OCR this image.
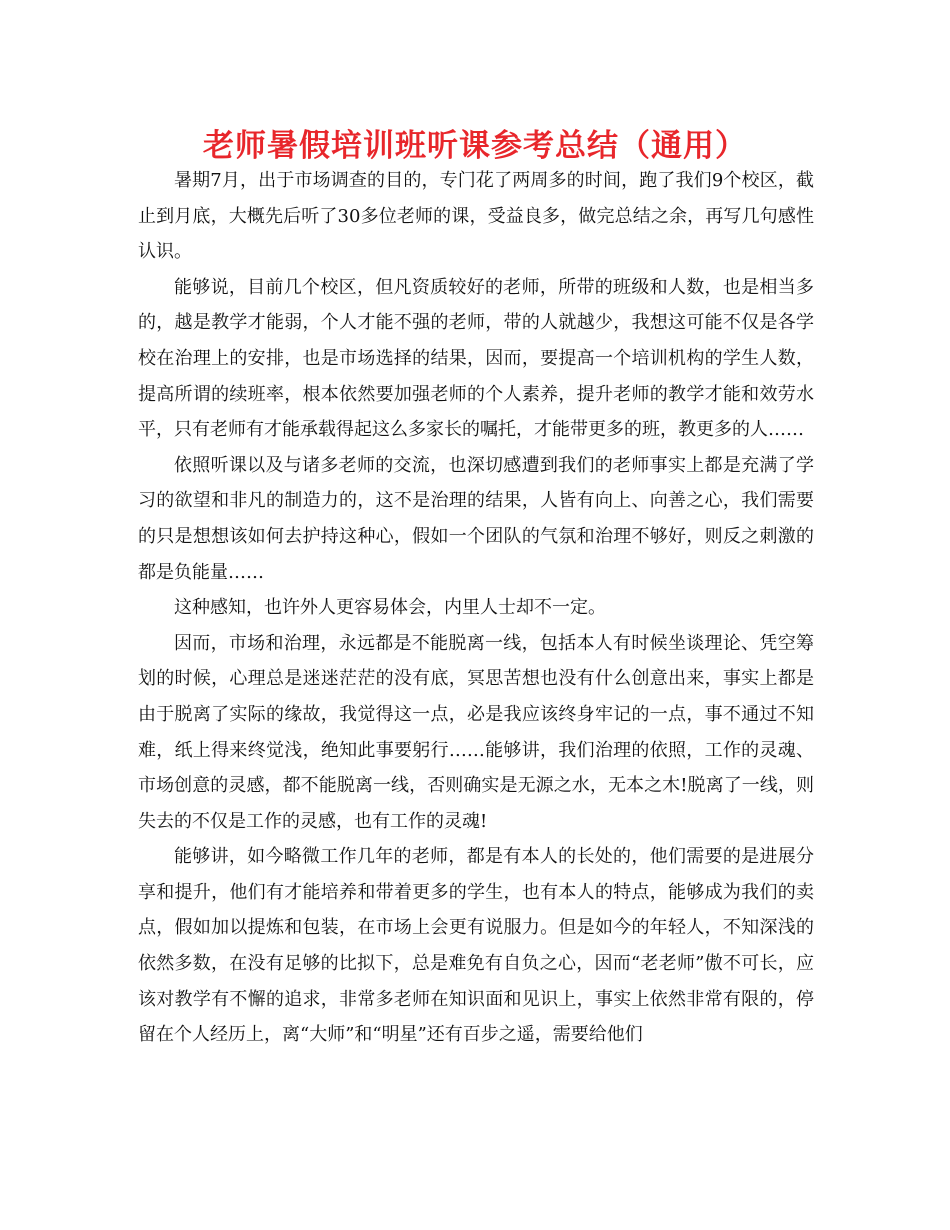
老师暑假培训班听课参考总结（通用）

暑期7月，出于市场调查的目的，专门花了两周多的时间，跑了我们9个校区，截止到月底，大概先后听了30多位老师的课，受益良多，做完总结之余，再写几句感性认识。

能够说，目前几个校区，但凡资质较好的老师，所带的班级和人数，也是相当多的，越是教学才能弱，个人才能不强的老师，带的人就越少，我想这可能不仅是各学校在治理上的安排，也是市场选择的结果，因而，要提高一个培训机构的学生人数，提高所谓的续班率，根本依然要加强老师的个人素养，提升老师的教学才能和效劳水平，只有老师有才能承载得起这么多家长的嘱托，才能带更多的班，教更多的人……

依照听课以及与诸多老师的交流，也深切感遭到我们的老师事实上都是充满了学习的欲望和非凡的制造力的，这不是治理的结果，人皆有向上、向善之心，我们需要的只是想想该如何去护持这种心，假如一个团队的气氛和治理不够好，则反之刺激的都是负能量……

这种感知，也许外人更容易体会，内里人士却不一定。

因而，市场和治理，永远都是不能脱离一线，包括本人有时候坐谈理论、凭空筹划的时候，心理总是迷迷茫茫的没有底，冥思苦想也没有什么创意出来，事实上都是由于脱离了实际的缘故，我觉得这一点，必是我应该终身牢记的一点，事不通过不知难，纸上得来终觉浅，绝知此事要躬行……能够讲，我们治理的依照，工作的灵魂、市场创意的灵感，都不能脱离一线，否则确实是无源之水，无本之木!脱离了一线，则失去的不仅是工作的灵感，也有工作的灵魂!

能够讲，如今略微工作几年的老师，都是有本人的长处的，他们需要的是进展分享和提升，他们有才能培养和带着更多的学生，也有本人的特点，能够成为我们的卖点，假如加以提炼和包装，在市场上会更有说服力。但是如今的年轻人，不知深浅的依然多数，在没有足够的比拟下，总是难免有自负之心，因而“老老师”傲不可长，应该对教学有不懈的追求，非常多老师在知识面和见识上，事实上依然非常有限的，停留在个人经历上，离“大师”和“明星”还有百步之遥，需要给他们
